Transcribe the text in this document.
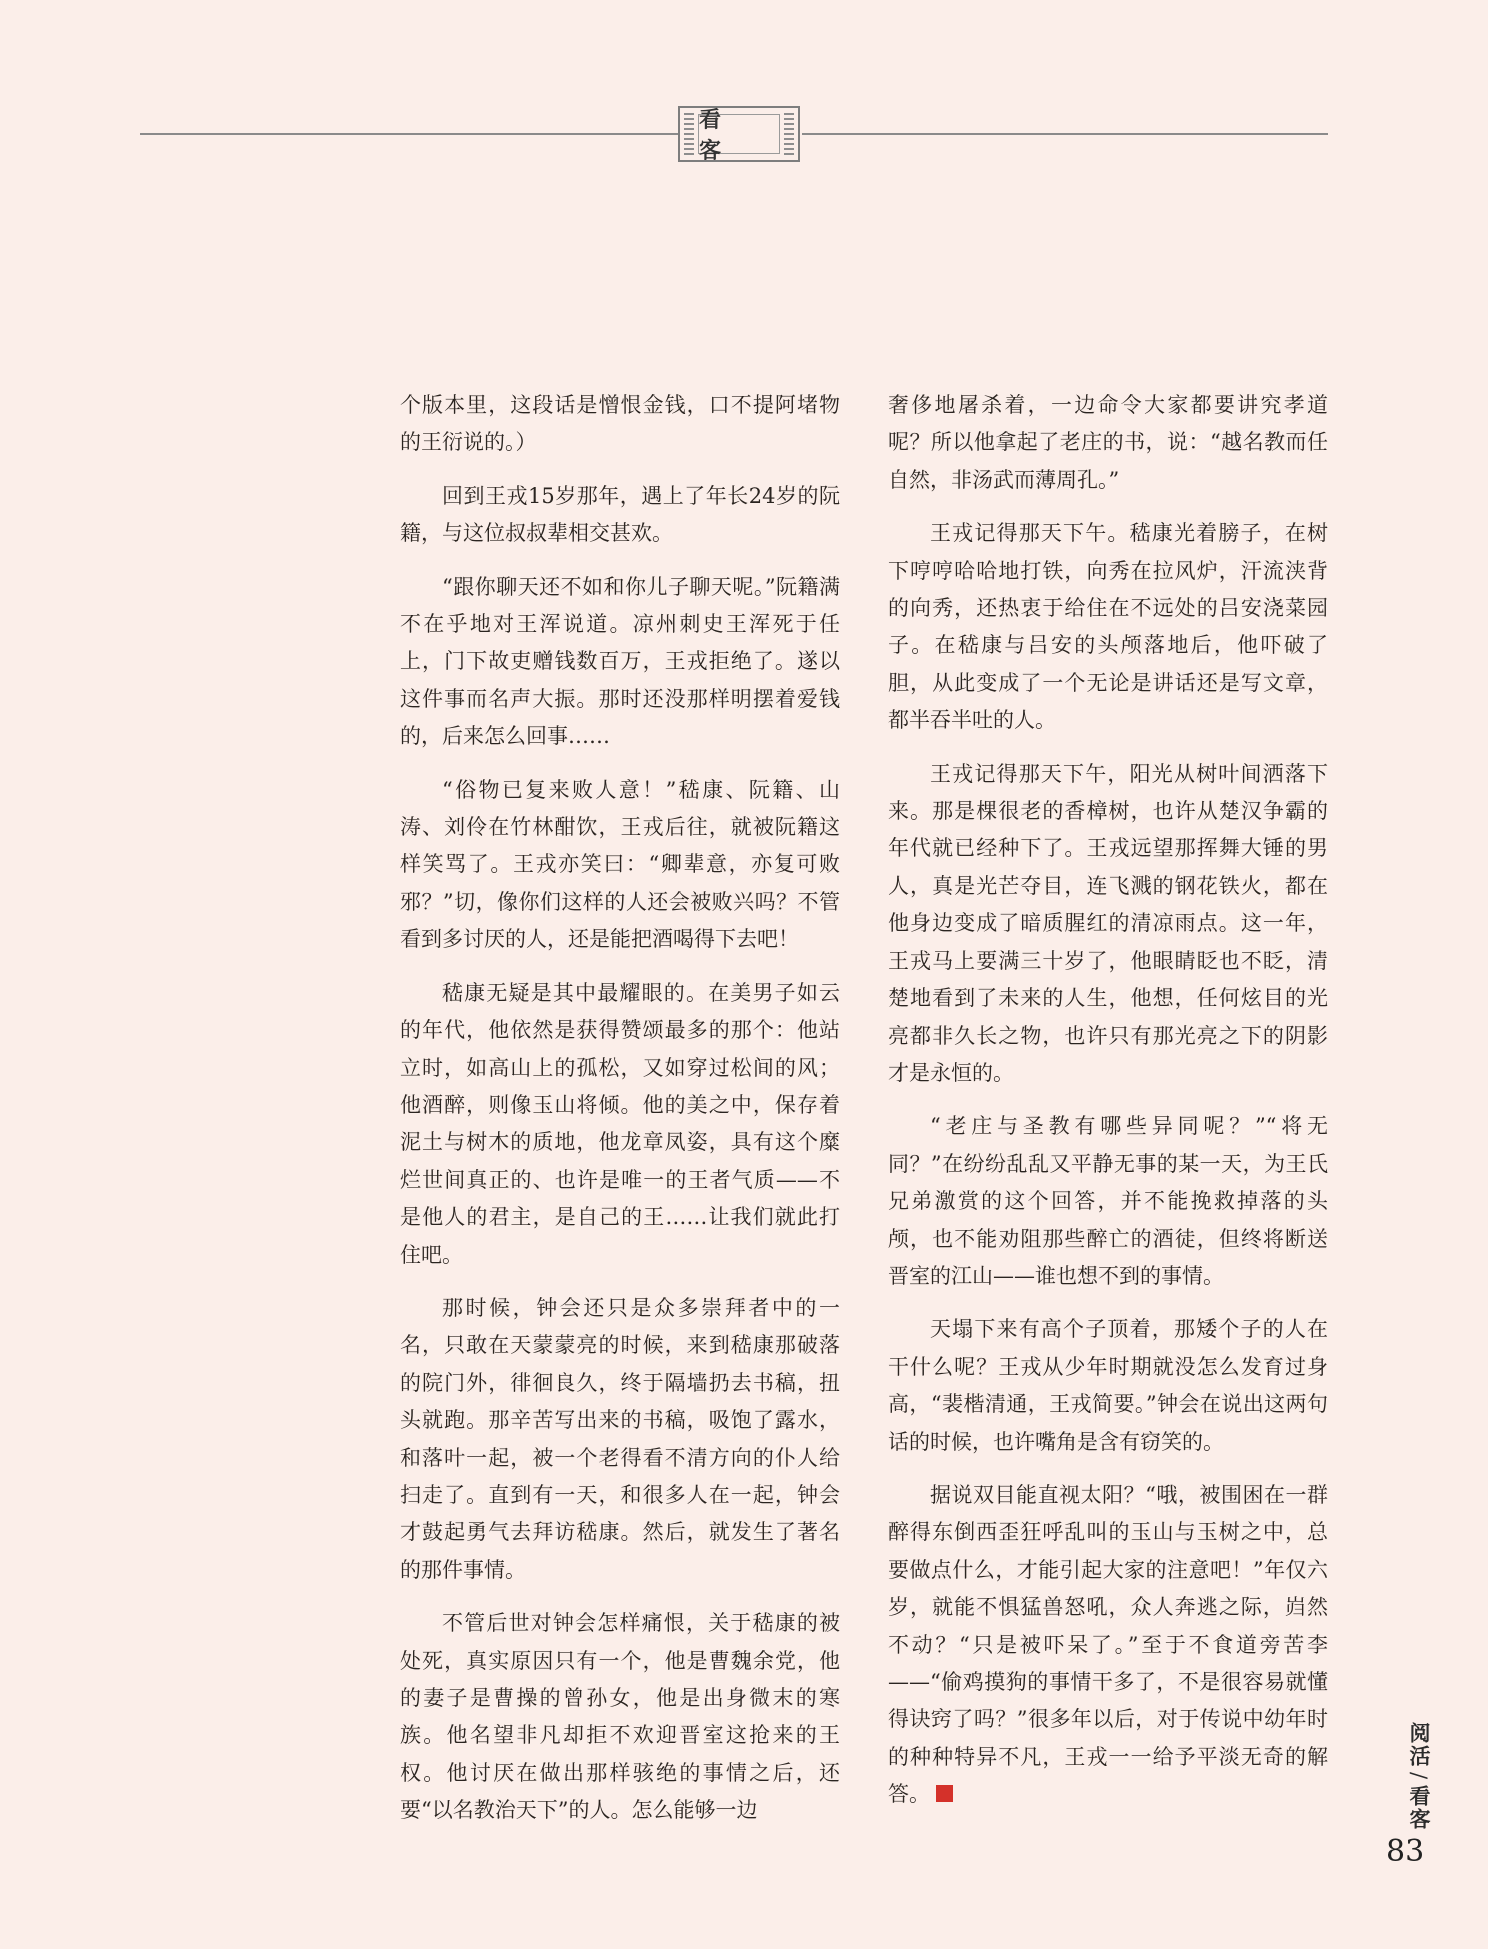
看 客

个版本里，这段话是憎恨金钱，口不提阿堵物的王衍说的。）

回到王戎15岁那年，遇上了年长24岁的阮籍，与这位叔叔辈相交甚欢。

“跟你聊天还不如和你儿子聊天呢。”阮籍满不在乎地对王浑说道。凉州刺史王浑死于任上，门下故吏赠钱数百万，王戎拒绝了。遂以这件事而名声大振。那时还没那样明摆着爱钱的，后来怎么回事……

“俗物已复来败人意！”嵇康、阮籍、山涛、刘伶在竹林酣饮，王戎后往，就被阮籍这样笑骂了。王戎亦笑曰：“卿辈意，亦复可败邪？”切，像你们这样的人还会被败兴吗？不管看到多讨厌的人，还是能把酒喝得下去吧！

嵇康无疑是其中最耀眼的。在美男子如云的年代，他依然是获得赞颂最多的那个：他站立时，如高山上的孤松，又如穿过松间的风；他酒醉，则像玉山将倾。他的美之中，保存着泥土与树木的质地，他龙章凤姿，具有这个糜烂世间真正的、也许是唯一的王者气质——不是他人的君主，是自己的王……让我们就此打住吧。

那时候，钟会还只是众多崇拜者中的一名，只敢在天蒙蒙亮的时候，来到嵇康那破落的院门外，徘徊良久，终于隔墙扔去书稿，扭头就跑。那辛苦写出来的书稿，吸饱了露水，和落叶一起，被一个老得看不清方向的仆人给扫走了。直到有一天，和很多人在一起，钟会才鼓起勇气去拜访嵇康。然后，就发生了著名的那件事情。

不管后世对钟会怎样痛恨，关于嵇康的被处死，真实原因只有一个，他是曹魏余党，他的妻子是曹操的曾孙女，他是出身微末的寒族。他名望非凡却拒不欢迎晋室这抢来的王权。他讨厌在做出那样骇绝的事情之后，还要“以名教治天下”的人。怎么能够一边

奢侈地屠杀着，一边命令大家都要讲究孝道呢？所以他拿起了老庄的书，说：“越名教而任自然，非汤武而薄周孔。”

王戎记得那天下午。嵇康光着膀子，在树下哼哼哈哈地打铁，向秀在拉风炉，汗流浃背的向秀，还热衷于给住在不远处的吕安浇菜园子。在嵇康与吕安的头颅落地后，他吓破了胆，从此变成了一个无论是讲话还是写文章，都半吞半吐的人。

王戎记得那天下午，阳光从树叶间洒落下来。那是棵很老的香樟树，也许从楚汉争霸的年代就已经种下了。王戎远望那挥舞大锤的男人，真是光芒夺目，连飞溅的钢花铁火，都在他身边变成了暗质腥红的清凉雨点。这一年，王戎马上要满三十岁了，他眼睛眨也不眨，清楚地看到了未来的人生，他想，任何炫目的光亮都非久长之物，也许只有那光亮之下的阴影才是永恒的。

“老庄与圣教有哪些异同呢？”“将无同？”在纷纷乱乱又平静无事的某一天，为王氏兄弟激赏的这个回答，并不能挽救掉落的头颅，也不能劝阻那些醉亡的酒徒，但终将断送晋室的江山——谁也想不到的事情。

天塌下来有高个子顶着，那矮个子的人在干什么呢？王戎从少年时期就没怎么发育过身高，“裴楷清通，王戎简要。”钟会在说出这两句话的时候，也许嘴角是含有窃笑的。

据说双目能直视太阳？“哦，被围困在一群醉得东倒西歪狂呼乱叫的玉山与玉树之中，总要做点什么，才能引起大家的注意吧！”年仅六岁，就能不惧猛兽怒吼，众人奔逃之际，岿然不动？“只是被吓呆了。”至于不食道旁苦李——“偷鸡摸狗的事情干多了，不是很容易就懂得诀窍了吗？”很多年以后，对于传说中幼年时的种种特异不凡，王戎一一给予平淡无奇的解答。

阅活/看客
83
